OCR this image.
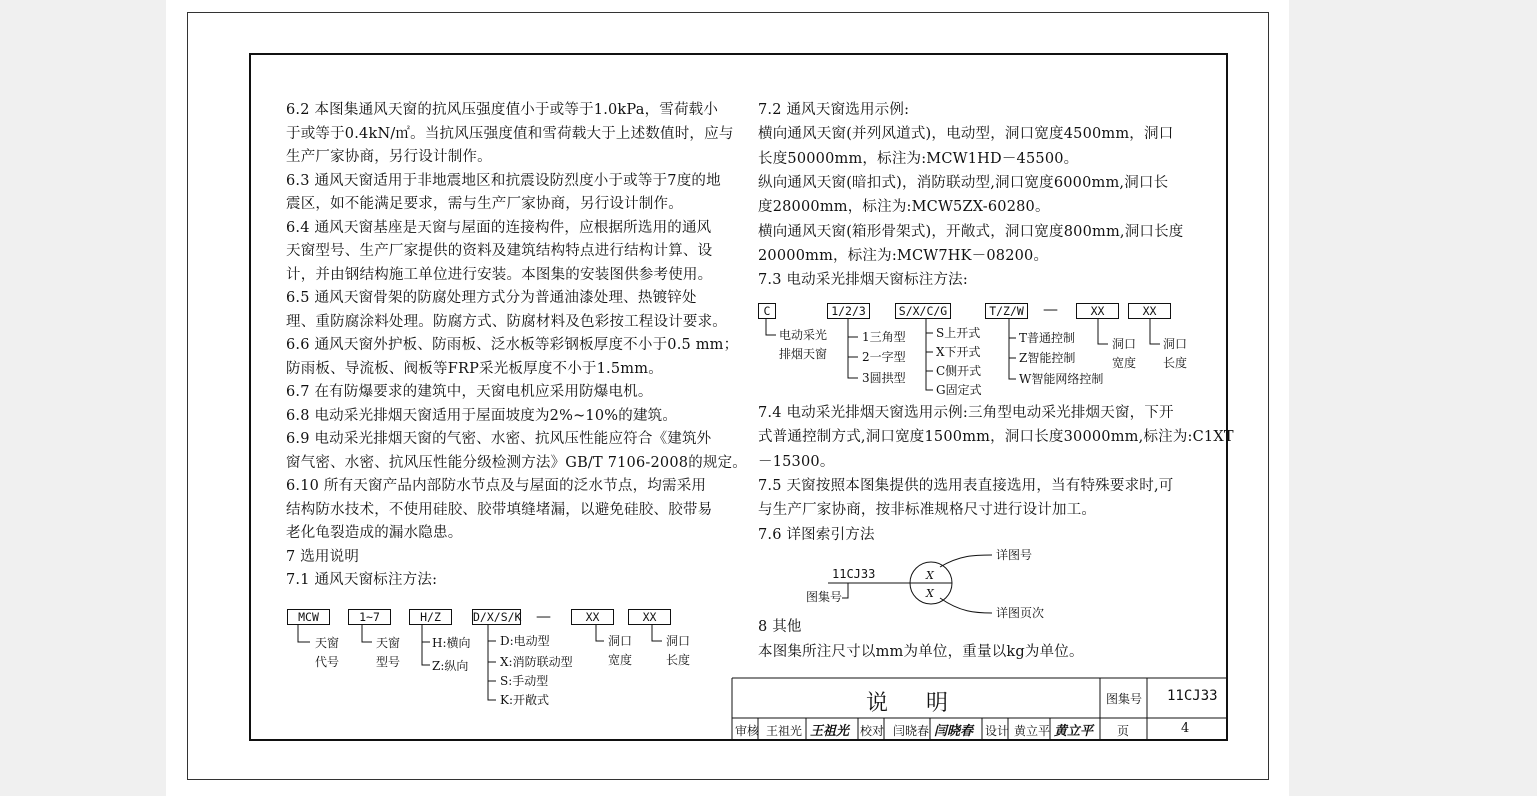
6.2 本图集通风天窗的抗风压强度值小于或等于1.0kPa，雪荷载小
于或等于0.4kN/㎡。当抗风压强度值和雪荷载大于上述数值时，应与
生产厂家协商，另行设计制作。
6.3 通风天窗适用于非地震地区和抗震设防烈度小于或等于7度的地
震区，如不能满足要求，需与生产厂家协商，另行设计制作。
6.4 通风天窗基座是天窗与屋面的连接构件，应根据所选用的通风
天窗型号、生产厂家提供的资料及建筑结构特点进行结构计算、设
计，并由钢结构施工单位进行安装。本图集的安装图供参考使用。
6.5 通风天窗骨架的防腐处理方式分为普通油漆处理、热镀锌处
理、重防腐涂料处理。防腐方式、防腐材料及色彩按工程设计要求。
6.6 通风天窗外护板、防雨板、泛水板等彩钢板厚度不小于0.5 mm；
防雨板、导流板、阀板等FRP采光板厚度不小于1.5mm。
6.7 在有防爆要求的建筑中，天窗电机应采用防爆电机。
6.8 电动采光排烟天窗适用于屋面坡度为2%~10%的建筑。
6.9 电动采光排烟天窗的气密、水密、抗风压性能应符合《建筑外
窗气密、水密、抗风压性能分级检测方法》GB/T 7106-2008的规定。
6.10 所有天窗产品内部防水节点及与屋面的泛水节点，均需采用
结构防水技术，不使用硅胶、胶带填缝堵漏，以避免硅胶、胶带易
老化龟裂造成的漏水隐患。
7 选用说明
7.1 通风天窗标注方法:
MCW	1~7	H/Z	D/X/S/K —	XX	XX
天窗
代号
天窗
型号
H:横向
Z:纵向
D:电动型
X:消防联动型
S:手动型
K:开敞式
洞口
宽度
洞口
长度
7.2 通风天窗选用示例:
横向通风天窗(并列风道式)，电动型，洞口宽度4500mm，洞口
长度50000mm，标注为:MCW1HD－45500。
纵向通风天窗(暗扣式)，消防联动型,洞口宽度6000mm,洞口长
度28000mm，标注为:MCW5ZX-60280。
横向通风天窗(箱形骨架式)，开敞式，洞口宽度800mm,洞口长度
20000mm，标注为:MCW7HK－08200。
7.3 电动采光排烟天窗标注方法:
7.4 电动采光排烟天窗选用示例:三角型电动采光排烟天窗，下开
式普通控制方式,洞口宽度1500mm，洞口长度30000mm,标注为:C1XT
－15300。
7.5 天窗按照本图集提供的选用表直接选用，当有特殊要求时,可
与生产厂家协商，按非标准规格尺寸进行设计加工。
7.6 详图索引方法
8 其他
本图集所注尺寸以mm为单位，重量以kg为单位。
C	1/2/3	S/X/C/G	T/Z/W —	XX	XX
电动采光
排烟天窗
1三角型
2一字型
3圆拱型
S上开式
X下开式
C侧开式
G固定式
T普通控制
Z智能控制
W智能网络控制
洞口
宽度
洞口
长度
11CJ33
图集号
X
X
详图号
详图页次
说明	图集号 11CJ33
审核 王祖光 王祖光 校对 闫晓春 闫晓春 设计 黄立平 黄立平 页	4
